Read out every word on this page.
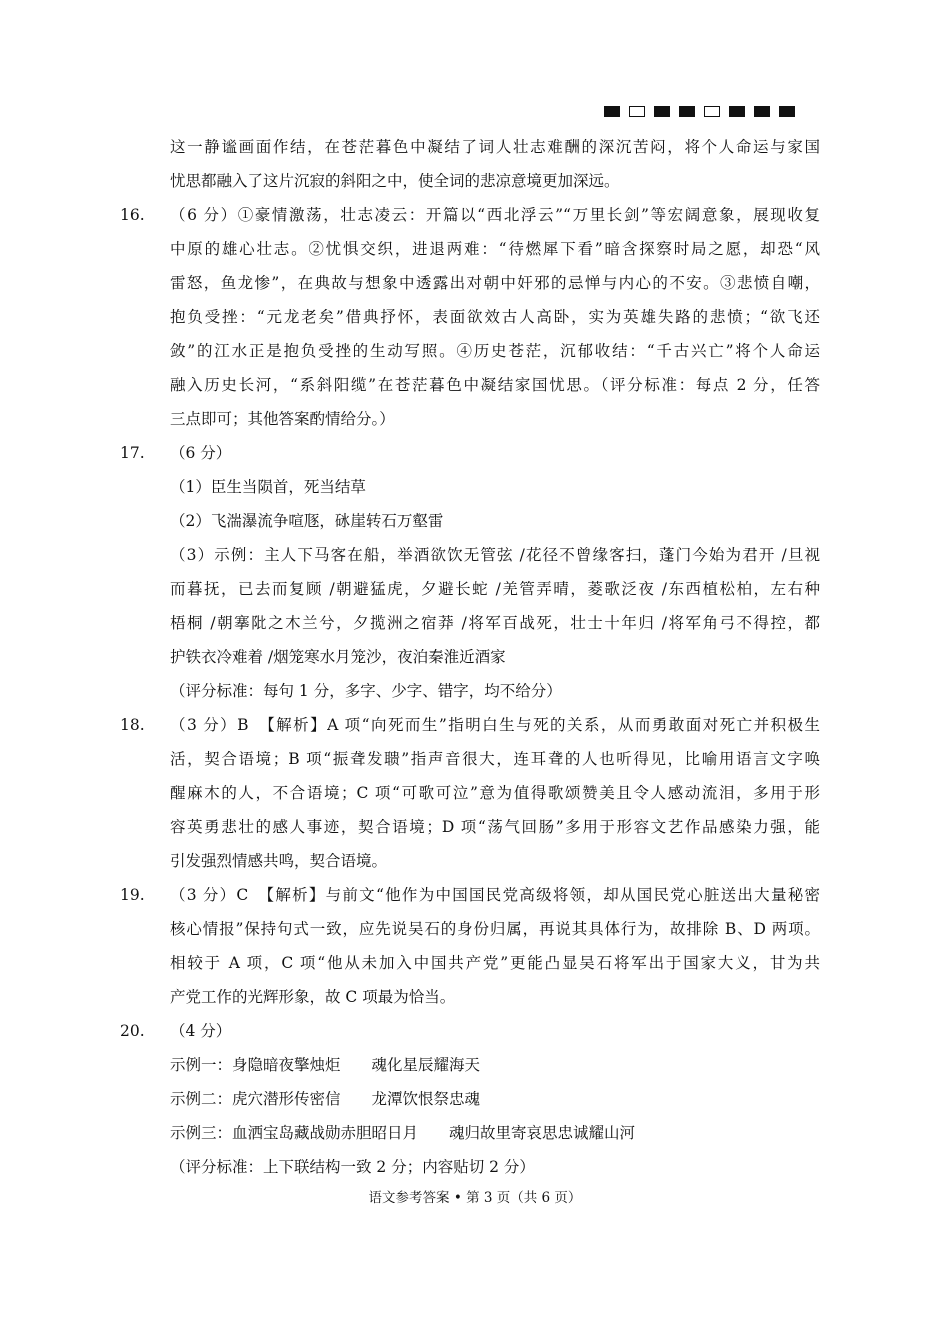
这一静谧画面作结，在苍茫暮色中凝结了词人壮志难酬的深沉苦闷，将个人命运与家国
忧思都融入了这片沉寂的斜阳之中，使全词的悲凉意境更加深远。
16.	（6 分）①豪情激荡，壮志凌云：开篇以“西北浮云”“万里长剑”等宏阔意象，展现收复
中原的雄心壮志。②忧惧交织，进退两难：“待燃犀下看”暗含探察时局之愿，却恐“风
雷怒，鱼龙惨”，在典故与想象中透露出对朝中奸邪的忌惮与内心的不安。③悲愤自嘲，
抱负受挫：“元龙老矣”借典抒怀，表面欲效古人高卧，实为英雄失路的悲愤；“欲飞还
敛”的江水正是抱负受挫的生动写照。④历史苍茫，沉郁收结：“千古兴亡”将个人命运
融入历史长河，“系斜阳缆”在苍茫暮色中凝结家国忧思。（评分标准：每点 2 分，任答
三点即可；其他答案酌情给分。）
17.	（6 分）
（1）臣生当陨首，死当结草
（2）飞湍瀑流争喧豗，砯崖转石万壑雷
（3）示例：主人下马客在船，举酒欲饮无管弦 /花径不曾缘客扫，蓬门今始为君开 /旦视
而暮抚，已去而复顾 /朝避猛虎，夕避长蛇 /羌管弄晴，菱歌泛夜 /东西植松柏，左右种
梧桐 /朝搴阰之木兰兮，夕揽洲之宿莽 /将军百战死，壮士十年归 /将军角弓不得控，都
护铁衣冷难着 /烟笼寒水月笼沙，夜泊秦淮近酒家
（评分标准：每句 1 分，多字、少字、错字，均不给分）
18.	（3 分）B　【解析】A 项“向死而生”指明白生与死的关系，从而勇敢面对死亡并积极生
活，契合语境；B 项“振聋发聩”指声音很大，连耳聋的人也听得见，比喻用语言文字唤
醒麻木的人，不合语境；C 项“可歌可泣”意为值得歌颂赞美且令人感动流泪，多用于形
容英勇悲壮的感人事迹，契合语境；D 项“荡气回肠”多用于形容文艺作品感染力强，能
引发强烈情感共鸣，契合语境。
19.	（3 分）C　【解析】与前文“他作为中国国民党高级将领，却从国民党心脏送出大量秘密
核心情报”保持句式一致，应先说吴石的身份归属，再说其具体行为，故排除 B、D 两项。
相较于 A 项，C 项“他从未加入中国共产党”更能凸显吴石将军出于国家大义，甘为共
产党工作的光辉形象，故 C 项最为恰当。
20.	（4 分）
示例一：身隐暗夜擎烛炬　　魂化星辰耀海天
示例二：虎穴潜形传密信　　龙潭饮恨祭忠魂
示例三：血洒宝岛藏战勋赤胆昭日月　　魂归故里寄哀思忠诚耀山河
（评分标准：上下联结构一致 2 分；内容贴切 2 分）
语文参考答案 • 第 3 页（共 6 页）
